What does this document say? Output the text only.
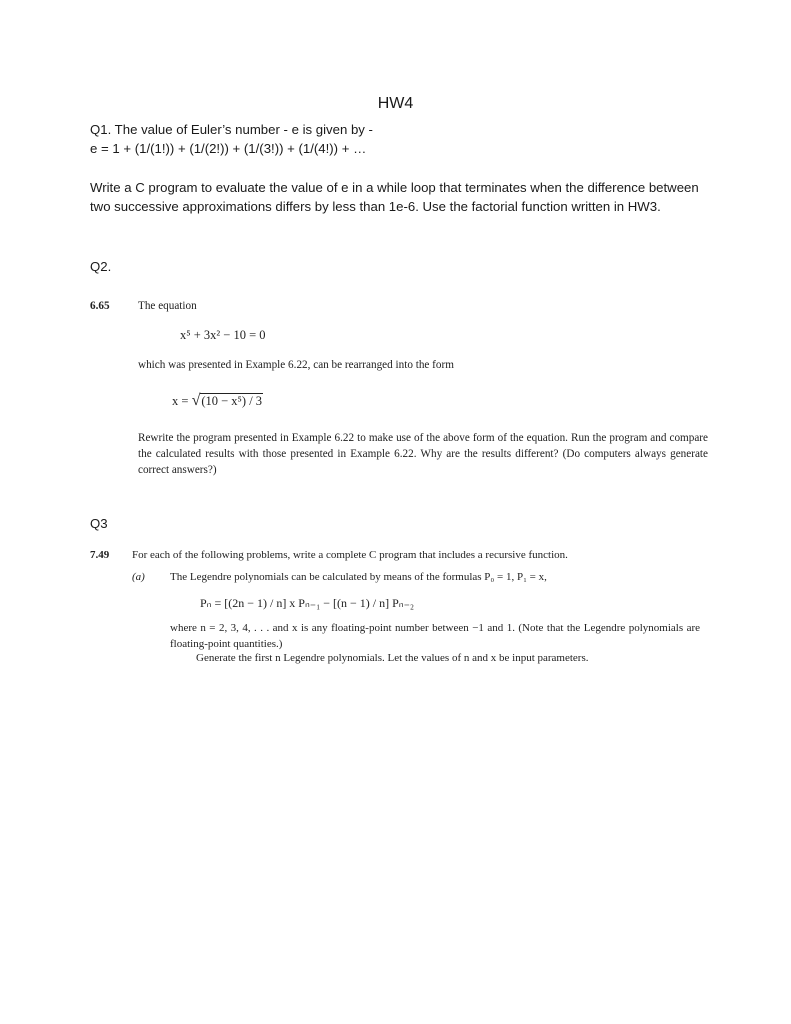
HW4
Q1. The value of Euler’s number - e is given by -
e = 1 + (1/(1!)) + (1/(2!)) + (1/(3!)) + (1/(4!)) + …
Write a C program to evaluate the value of e in a while loop that terminates when the difference between two successive approximations differs by less than 1e-6. Use the factorial function written in HW3.
Q2.
6.65	The equation
x⁵ + 3x² − 10 = 0
which was presented in Example 6.22, can be rearranged into the form
x = √(10 − x⁵) / 3
Rewrite the program presented in Example 6.22 to make use of the above form of the equation. Run the program and compare the calculated results with those presented in Example 6.22. Why are the results different? (Do computers always generate correct answers?)
Q3
7.49 For each of the following problems, write a complete C program that includes a recursive function.
(a) The Legendre polynomials can be calculated by means of the formulas P₀ = 1, P₁ = x,
Pₙ = [(2n − 1) / n] x Pₙ₋₁ − [(n − 1) / n] Pₙ₋₂
where n = 2, 3, 4, . . . and x is any floating-point number between −1 and 1. (Note that the Legendre polynomials are floating-point quantities.)
Generate the first n Legendre polynomials. Let the values of n and x be input parameters.
